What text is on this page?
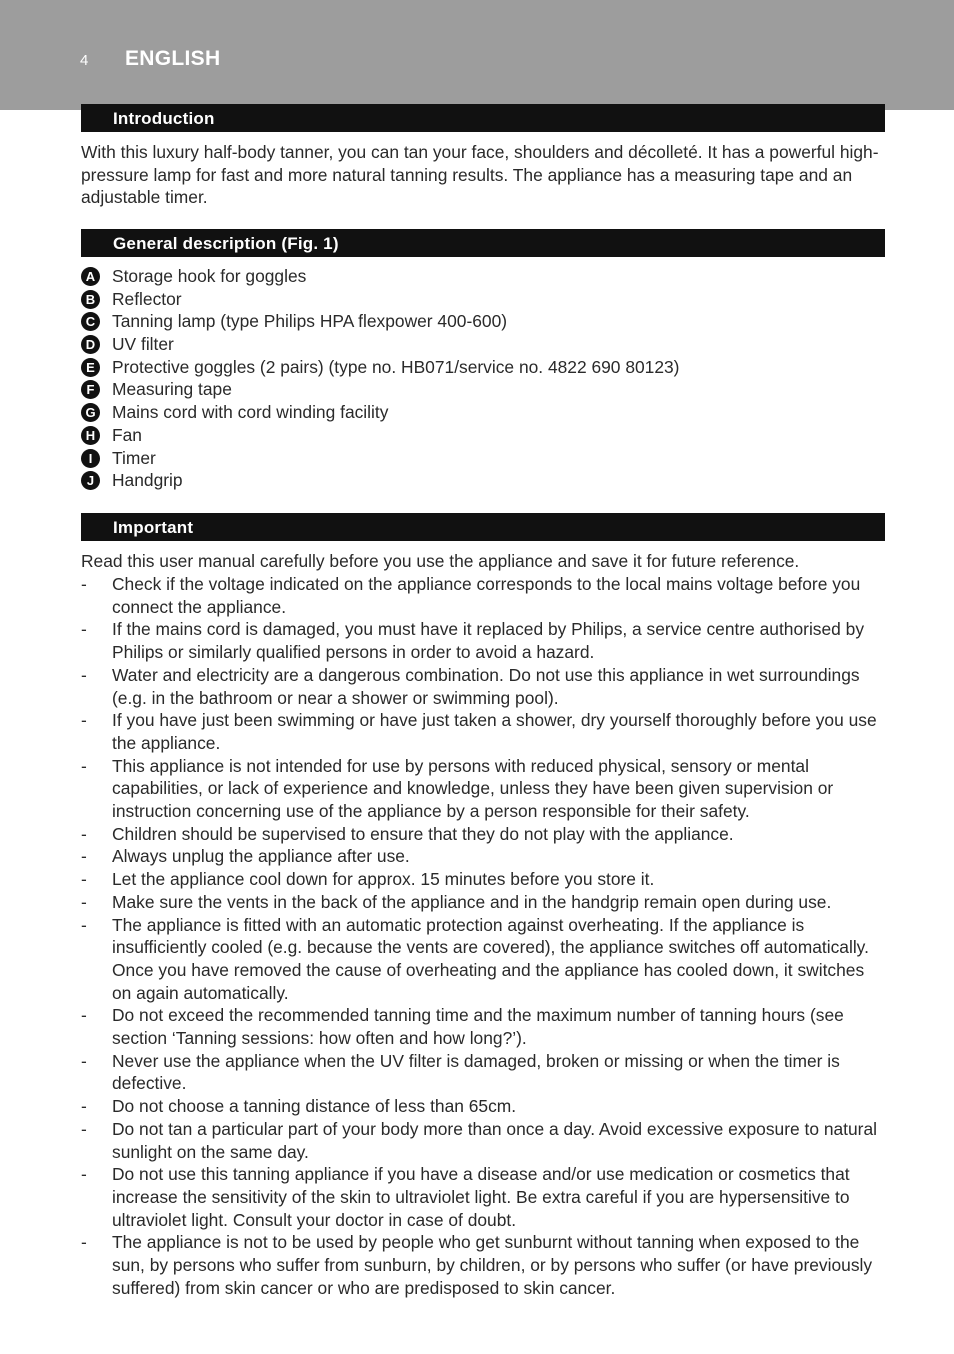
4 ENGLISH
Introduction

With this luxury half-body tanner, you can tan your face, shoulders and décolleté. It has a powerful high-pressure lamp for fast and more natural tanning results. The appliance has a measuring tape and an adjustable timer.

General description (Fig. 1)
A Storage hook for goggles
B Reflector
C Tanning lamp (type Philips HPA flexpower 400-600)
D UV filter
E Protective goggles (2 pairs) (type no. HB071/service no. 4822 690 80123)
F	Measuring tape
G Mains cord with cord winding facility
H Fan
I	Timer
J	Handgrip
Important

Read this user manual carefully before you use the appliance and save it for future reference.

- Check if the voltage indicated on the appliance corresponds to the local mains voltage before you connect the appliance.
- If the mains cord is damaged, you must have it replaced by Philips, a service centre authorised by Philips or similarly qualified persons in order to avoid a hazard.
- Water and electricity are a dangerous combination. Do not use this appliance in wet surroundings (e.g. in the bathroom or near a shower or swimming pool).
- If you have just been swimming or have just taken a shower, dry yourself thoroughly before you use the appliance.
- This appliance is not intended for use by persons with reduced physical, sensory or mental capabilities, or lack of experience and knowledge, unless they have been given supervision or instruction concerning use of the appliance by a person responsible for their safety.
- Children should be supervised to ensure that they do not play with the appliance.
- Always unplug the appliance after use.
- Let the appliance cool down for approx. 15 minutes before you store it.
- Make sure the vents in the back of the appliance and in the handgrip remain open during use.
- The appliance is fitted with an automatic protection against overheating. If the appliance is insufficiently cooled (e.g. because the vents are covered), the appliance switches off automatically. Once you have removed the cause of overheating and the appliance has cooled down, it switches on again automatically.
- Do not exceed the recommended tanning time and the maximum number of tanning hours (see section ‘Tanning sessions: how often and how long?’).
- Never use the appliance when the UV filter is damaged, broken or missing or when the timer is defective.
- Do not choose a tanning distance of less than 65cm.
- Do not tan a particular part of your body more than once a day. Avoid excessive exposure to natural sunlight on the same day.
- Do not use this tanning appliance if you have a disease and/or use medication or cosmetics that increase the sensitivity of the skin to ultraviolet light. Be extra careful if you are hypersensitive to ultraviolet light. Consult your doctor in case of doubt.
- The appliance is not to be used by people who get sunburnt without tanning when exposed to the sun, by persons who suffer from sunburn, by children, or by persons who suffer (or have previously suffered) from skin cancer or who are predisposed to skin cancer.
